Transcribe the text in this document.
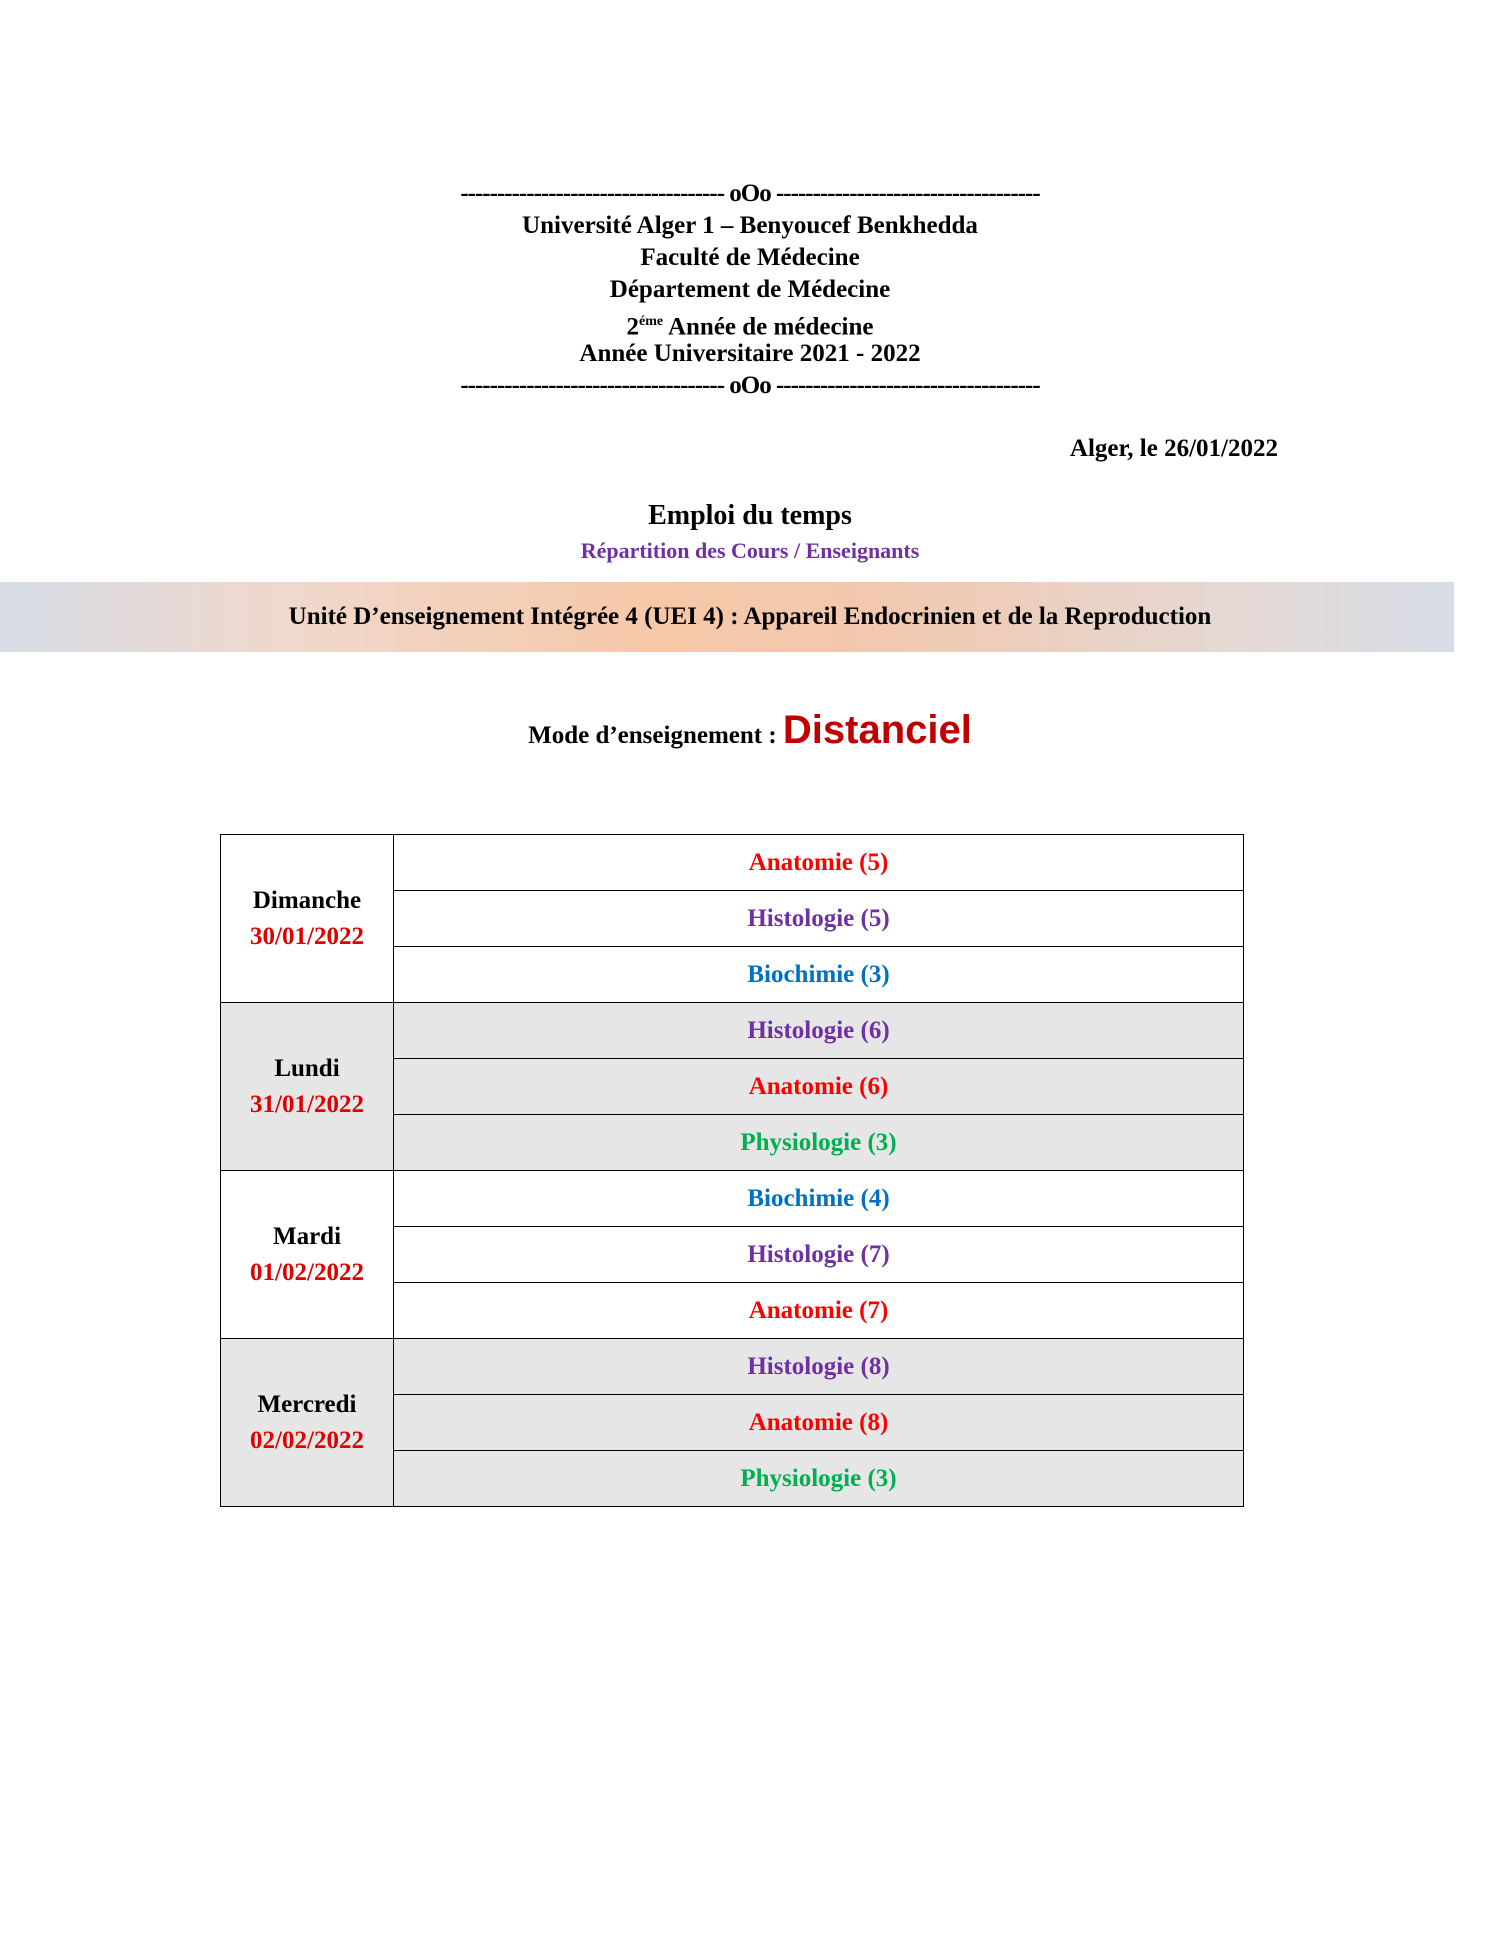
------------------------------------ oOo ------------------------------------
Université Alger 1 – Benyoucef Benkhedda
Faculté de Médecine
Département de Médecine
$2^{éme}$ Année de médecine
Année Universitaire 2021 - 2022
------------------------------------ oOo ------------------------------------
Alger, le 26/01/2022
Emploi du temps
Répartition des Cours / Enseignants
Unité D’enseignement Intégrée 4 (UEI 4) : Appareil Endocrinien et de la Reproduction
Mode d’enseignement : Distanciel
Dimanche
30/01/2022	Anatomie (5)
	Histologie (5)
	Biochimie (3)

Lundi
31/01/2022	Histologie (6)
	Anatomie (6)
	Physiologie (3)

Mardi
01/02/2022	Biochimie (4)
	Histologie (7)
	Anatomie (7)

Mercredi
02/02/2022	Histologie (8)
	Anatomie (8)
	Physiologie (3)
